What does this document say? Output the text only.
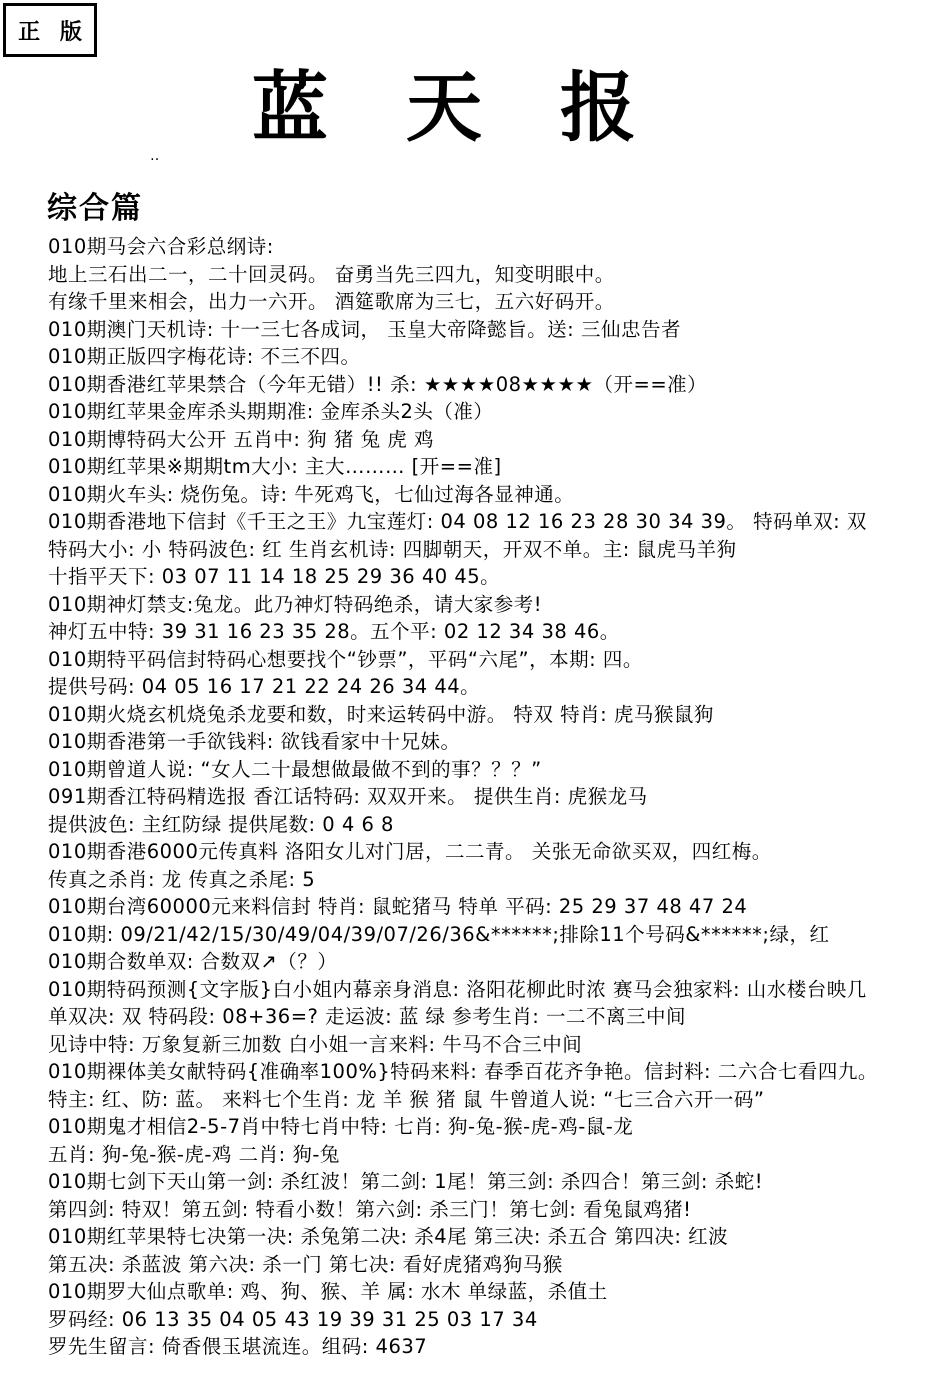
正 版
蓝天报
‥
综合篇
010期马会六合彩总纲诗:
地上三石出二一，二十回灵码。 奋勇当先三四九，知变明眼中。
有缘千里来相会，出力一六开。 酒筵歌席为三七，五六好码开。
010期澳门天机诗: 十一三七各成词， 玉皇大帝降懿旨。送: 三仙忠告者
010期正版四字梅花诗: 不三不四。
010期香港红苹果禁合（今年无错）!! 杀: ★★★★08★★★★（开==准）
010期红苹果金库杀头期期准: 金库杀头2头（准）
010期博特码大公开 五肖中: 狗 猪 兔 虎 鸡
010期红苹果※期期tm大小: 主大……… [开==准]
010期火车头: 烧伤兔。诗: 牛死鸡飞，七仙过海各显神通。
010期香港地下信封《千王之王》九宝莲灯: 04 08 12 16 23 28 30 34 39。 特码单双: 双
特码大小: 小 特码波色: 红 生肖玄机诗: 四脚朝天，开双不单。主: 鼠虎马羊狗
十指平天下: 03 07 11 14 18 25 29 36 40 45。
010期神灯禁支:兔龙。此乃神灯特码绝杀，请大家参考!
神灯五中特: 39 31 16 23 35 28。五个平: 02 12 34 38 46。
010期特平码信封特码心想要找个“钞票”，平码“六尾”，本期: 四。
提供号码: 04 05 16 17 21 22 24 26 34 44。
010期火烧玄机烧兔杀龙要和数，时来运转码中游。 特双 特肖: 虎马猴鼠狗
010期香港第一手欲钱料: 欲钱看家中十兄妹。
010期曾道人说: “女人二十最想做最做不到的事？？？”
091期香江特码精选报 香江话特码: 双双开来。 提供生肖: 虎猴龙马
提供波色: 主红防绿 提供尾数: 0 4 6 8
010期香港6000元传真料 洛阳女儿对门居，二二青。 关张无命欲买双，四红梅。
传真之杀肖: 龙 传真之杀尾: 5
010期台湾60000元来料信封 特肖: 鼠蛇猪马 特单 平码: 25 29 37 48 47 24
010期: 09/21/42/15/30/49/04/39/07/26/36&******;排除11个号码&******;绿，红
010期合数单双: 合数双↗（？）
010期特码预测{文字版}白小姐内幕亲身消息: 洛阳花柳此时浓 赛马会独家料: 山水楼台映几
单双决: 双 特码段: 08+36=? 走运波: 蓝 绿 参考生肖: 一二不离三中间
见诗中特: 万象复新三加数 白小姐一言来料: 牛马不合三中间
010期裸体美女献特码{准确率100%}特码来料: 春季百花齐争艳。信封料: 二六合七看四九。
特主: 红、防: 蓝。 来料七个生肖: 龙 羊 猴 猪 鼠 牛曾道人说: “七三合六开一码”
010期鬼才相信2-5-7肖中特七肖中特: 七肖: 狗-兔-猴-虎-鸡-鼠-龙
五肖: 狗-兔-猴-虎-鸡 二肖: 狗-兔
010期七剑下天山第一剑: 杀红波！第二剑: 1尾！第三剑: 杀四合！第三剑: 杀蛇!
第四剑: 特双！第五剑: 特看小数！第六剑: 杀三门！第七剑: 看兔鼠鸡猪!
010期红苹果特七决第一决: 杀兔第二决: 杀4尾 第三决: 杀五合 第四决: 红波
第五决: 杀蓝波 第六决: 杀一门 第七决: 看好虎猪鸡狗马猴
010期罗大仙点歌单: 鸡、狗、猴、羊 属: 水木 单绿蓝，杀值土
罗码经: 06 13 35 04 05 43 19 39 31 25 03 17 34
罗先生留言: 倚香偎玉堪流连。组码: 4637
